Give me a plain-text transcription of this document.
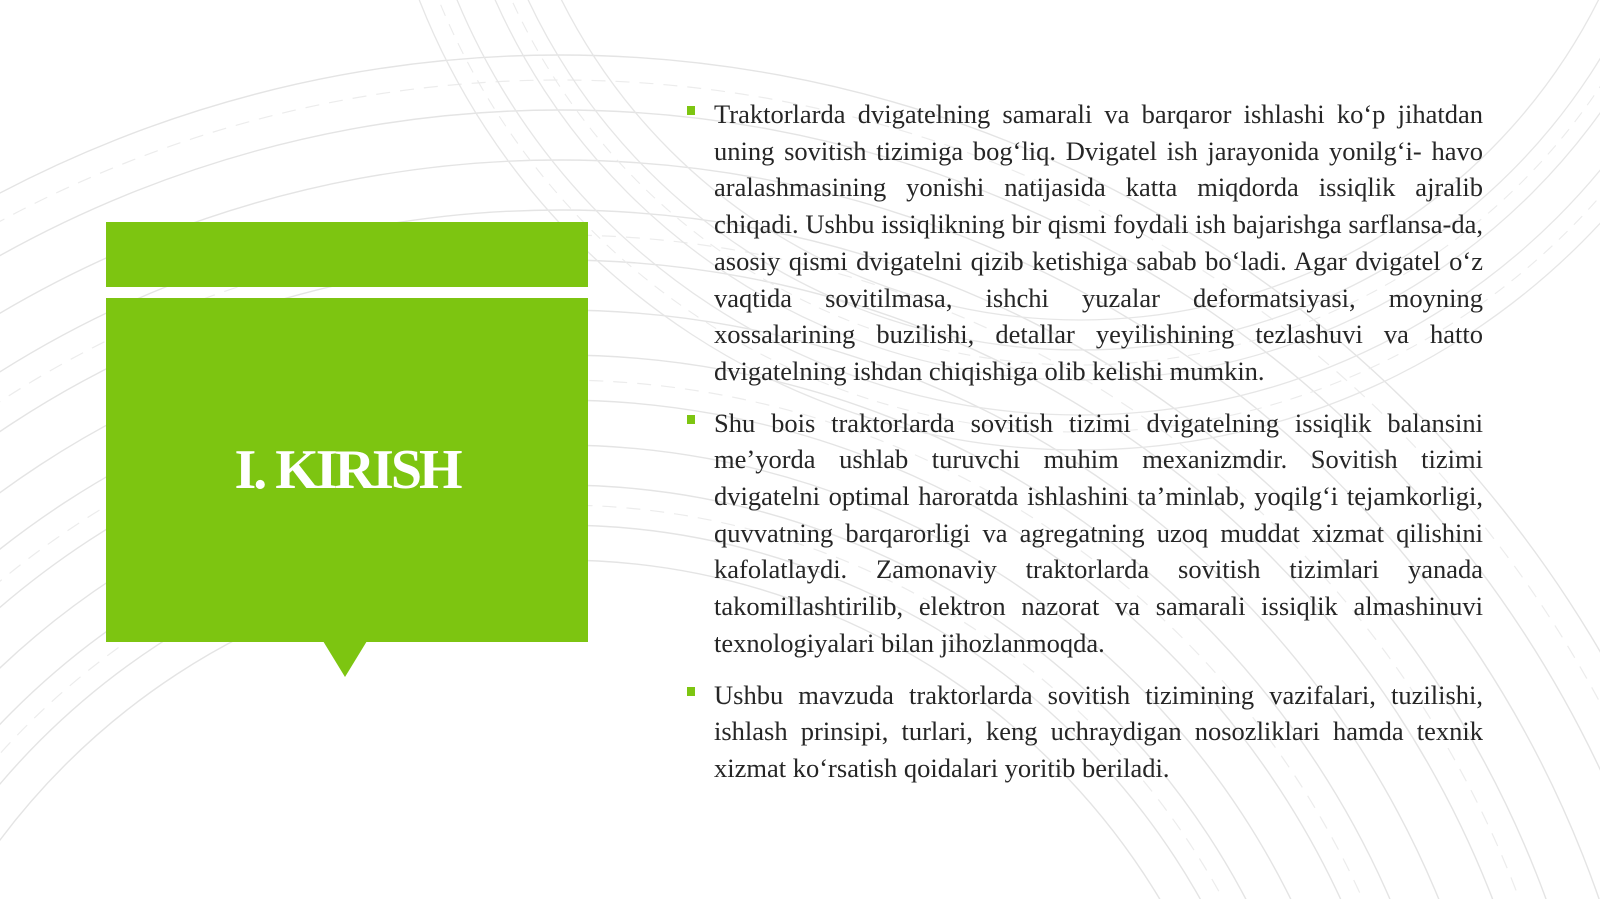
I. KIRISH
Traktorlarda dvigatelning samarali va barqaror ishlashi ko‘p jihatdan uning sovitish tizimiga bog‘liq. Dvigatel ish jarayonida yonilg‘i- havo aralashmasining yonishi natijasida katta miqdorda issiqlik ajralib chiqadi. Ushbu issiqlikning bir qismi foydali ish bajarishga sarflansa-da, asosiy qismi dvigatelni qizib ketishiga sabab bo‘ladi. Agar dvigatel o‘z vaqtida sovitilmasa, ishchi yuzalar deformatsiyasi, moyning xossalarining buzilishi, detallar yeyilishining tezlashuvi va hatto dvigatelning ishdan chiqishiga olib kelishi mumkin.
Shu bois traktorlarda sovitish tizimi dvigatelning issiqlik balansini me’yorda ushlab turuvchi muhim mexanizmdir. Sovitish tizimi dvigatelni optimal haroratda ishlashini ta’minlab, yoqilg‘i tejamkorligi, quvvatning barqarorligi va agregatning uzoq muddat xizmat qilishini kafolatlaydi. Zamonaviy traktorlarda sovitish tizimlari yanada takomillashtirilib, elektron nazorat va samarali issiqlik almashinuvi texnologiyalari bilan jihozlanmoqda.
Ushbu mavzuda traktorlarda sovitish tizimining vazifalari, tuzilishi, ishlash prinsipi, turlari, keng uchraydigan nosozliklari hamda texnik xizmat ko‘rsatish qoidalari yoritib beriladi.
